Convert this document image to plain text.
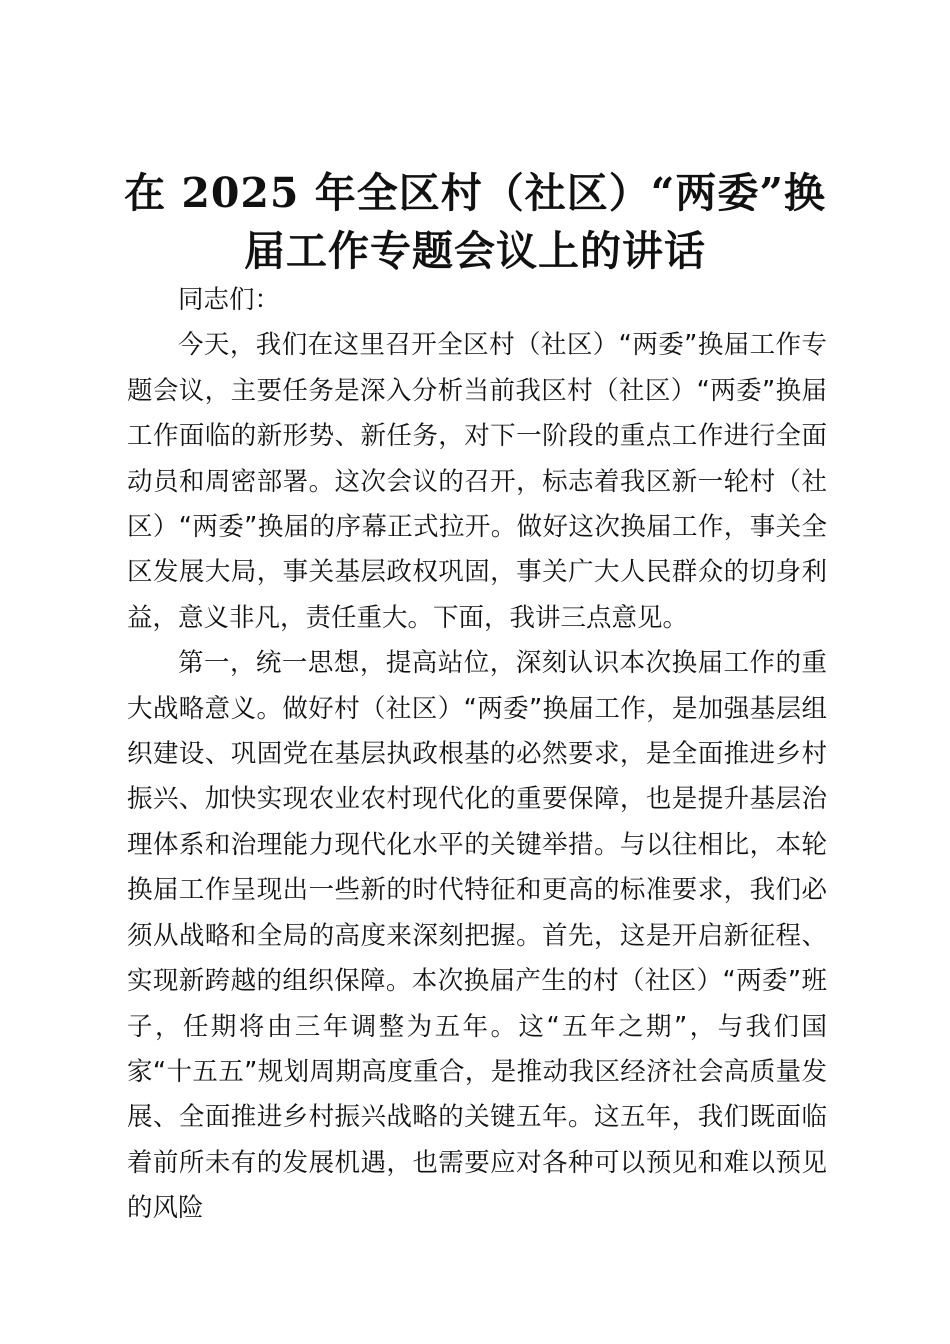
在 2025 年全区村（社区）“两委”换
届工作专题会议上的讲话

同志们：

今天，我们在这里召开全区村（社区）“两委”换届工作专题会议，主要任务是深入分析当前我区村（社区）“两委”换届工作面临的新形势、新任务，对下一阶段的重点工作进行全面动员和周密部署。这次会议的召开，标志着我区新一轮村（社区）“两委”换届的序幕正式拉开。做好这次换届工作，事关全区发展大局，事关基层政权巩固，事关广大人民群众的切身利益，意义非凡，责任重大。下面，我讲三点意见。

第一，统一思想，提高站位，深刻认识本次换届工作的重大战略意义。做好村（社区）“两委”换届工作，是加强基层组织建设、巩固党在基层执政根基的必然要求，是全面推进乡村振兴、加快实现农业农村现代化的重要保障，也是提升基层治理体系和治理能力现代化水平的关键举措。与以往相比，本轮换届工作呈现出一些新的时代特征和更高的标准要求，我们必须从战略和全局的高度来深刻把握。首先，这是开启新征程、实现新跨越的组织保障。本次换届产生的村（社区）“两委”班子，任期将由三年调整为五年。这“五年之期”，与我们国家“十五五”规划周期高度重合，是推动我区经济社会高质量发展、全面推进乡村振兴战略的关键五年。这五年，我们既面临着前所未有的发展机遇，也需要应对各种可以预见和难以预见的风险
